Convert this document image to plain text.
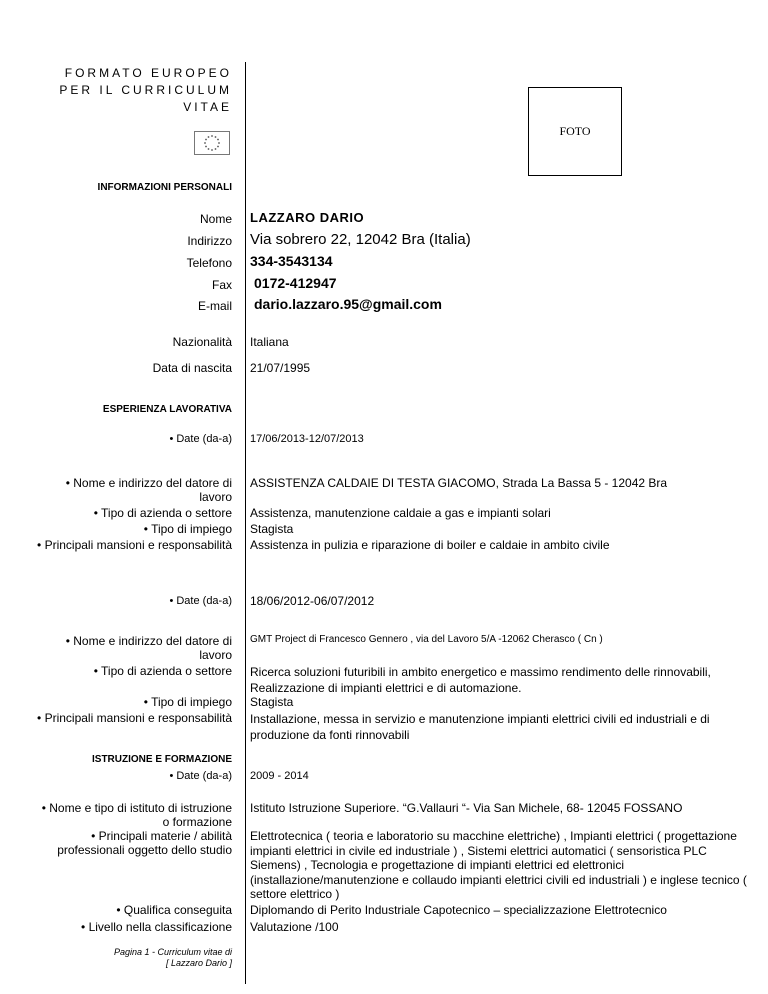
FORMATO EUROPEO
PER IL CURRICULUM
VITAE
FOTO
INFORMAZIONI PERSONALI
Nome LAZZARO DARIO
Indirizzo Via sobrero 22, 12042 Bra (Italia)
Telefono 334-3543134
Fax 0172-412947
E-mail dario.lazzaro.95@gmail.com
Nazionalità Italiana
Data di nascita 21/07/1995
ESPERIENZA LAVORATIVA
• Date (da-a) 17/06/2013-12/07/2013
• Nome e indirizzo del datore di
lavoro
ASSISTENZA CALDAIE DI TESTA GIACOMO, Strada La Bassa 5 - 12042 Bra
• Tipo di azienda o settore Assistenza, manutenzione caldaie a gas e impianti solari
• Tipo di impiego Stagista
• Principali mansioni e responsabilità Assistenza in pulizia e riparazione di boiler e caldaie in ambito civile
• Date (da-a) 18/06/2012-06/07/2012
• Nome e indirizzo del datore di
lavoro
GMT Project di Francesco Gennero , via del Lavoro 5/A -12062 Cherasco ( Cn )
• Tipo di azienda o settore Ricerca soluzioni futuribili in ambito energetico e massimo rendimento delle rinnovabili,
Realizzazione di impianti elettrici e di automazione.
• Tipo di impiego Stagista
• Principali mansioni e responsabilità Installazione, messa in servizio e manutenzione impianti elettrici civili ed industriali e di
produzione da fonti rinnovabili
ISTRUZIONE E FORMAZIONE
• Date (da-a) 2009 - 2014
• Nome e tipo di istituto di istruzione
o formazione
Istituto Istruzione Superiore. “G.Vallauri “- Via San Michele, 68- 12045 FOSSANO
• Principali materie / abilità
professionali oggetto dello studio
Elettrotecnica ( teoria e laboratorio su macchine elettriche) , Impianti elettrici ( progettazione
impianti elettrici in civile ed industriale ) , Sistemi elettrici automatici ( sensoristica PLC
Siemens) , Tecnologia e progettazione di impianti elettrici ed elettronici
(installazione/manutenzione e collaudo impianti elettrici civili ed industriali ) e inglese tecnico (
settore elettrico )
• Qualifica conseguita Diplomando di Perito Industriale Capotecnico – specializzazione Elettrotecnico
• Livello nella classificazione Valutazione /100
Pagina 1 - Curriculum vitae di
[ Lazzaro Dario ]
